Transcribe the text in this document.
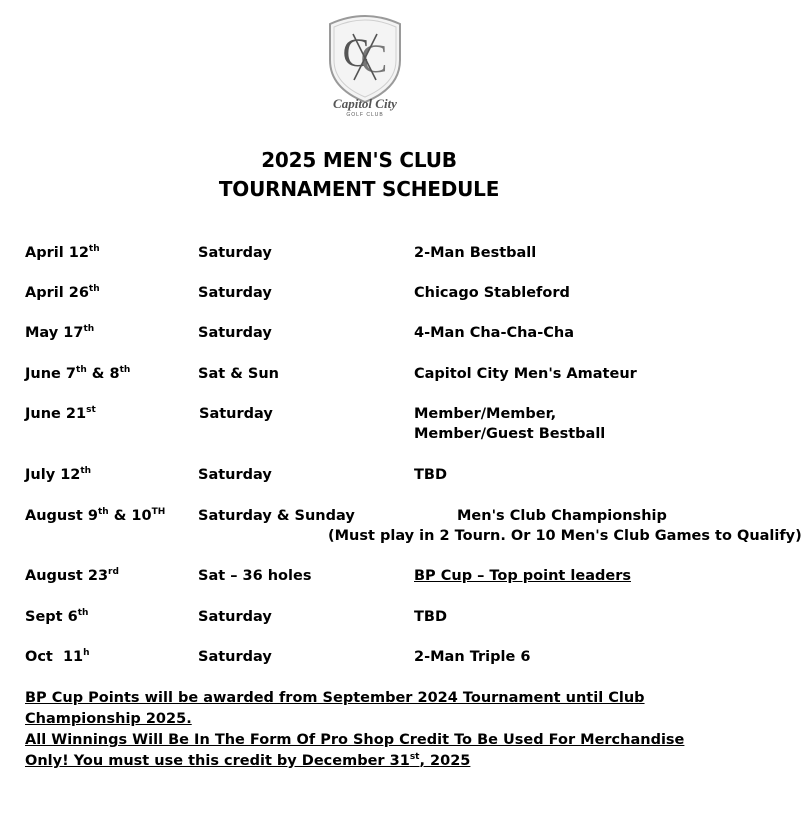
C
C
Capitol City
GOLF CLUB
2025 MEN'S CLUB
TOURNAMENT SCHEDULE
April 12th	Saturday	2-Man Bestball
April 26th	Saturday	Chicago Stableford
May 17th	Saturday	4-Man Cha-Cha-Cha
June 7th & 8th	Sat & Sun	Capitol City Men's Amateur
June 21st	Saturday	Member/Member,
Member/Guest Bestball
July 12th	Saturday	TBD
August 9th & 10TH Saturday & Sunday	Men's Club Championship
(Must play in 2 Tourn. Or 10 Men's Club Games to Qualify)
August 23rd	Sat – 36 holes	BP Cup – Top point leaders
Sept 6th	Saturday	TBD
Oct  11$^h$	Saturday	2-Man Triple 6
BP Cup Points will be awarded from September 2024 Tournament until Club Championship 2025.
All Winnings Will Be In The Form Of Pro Shop Credit To Be Used For Merchandise Only! You must use this credit by December 31st, 2025
